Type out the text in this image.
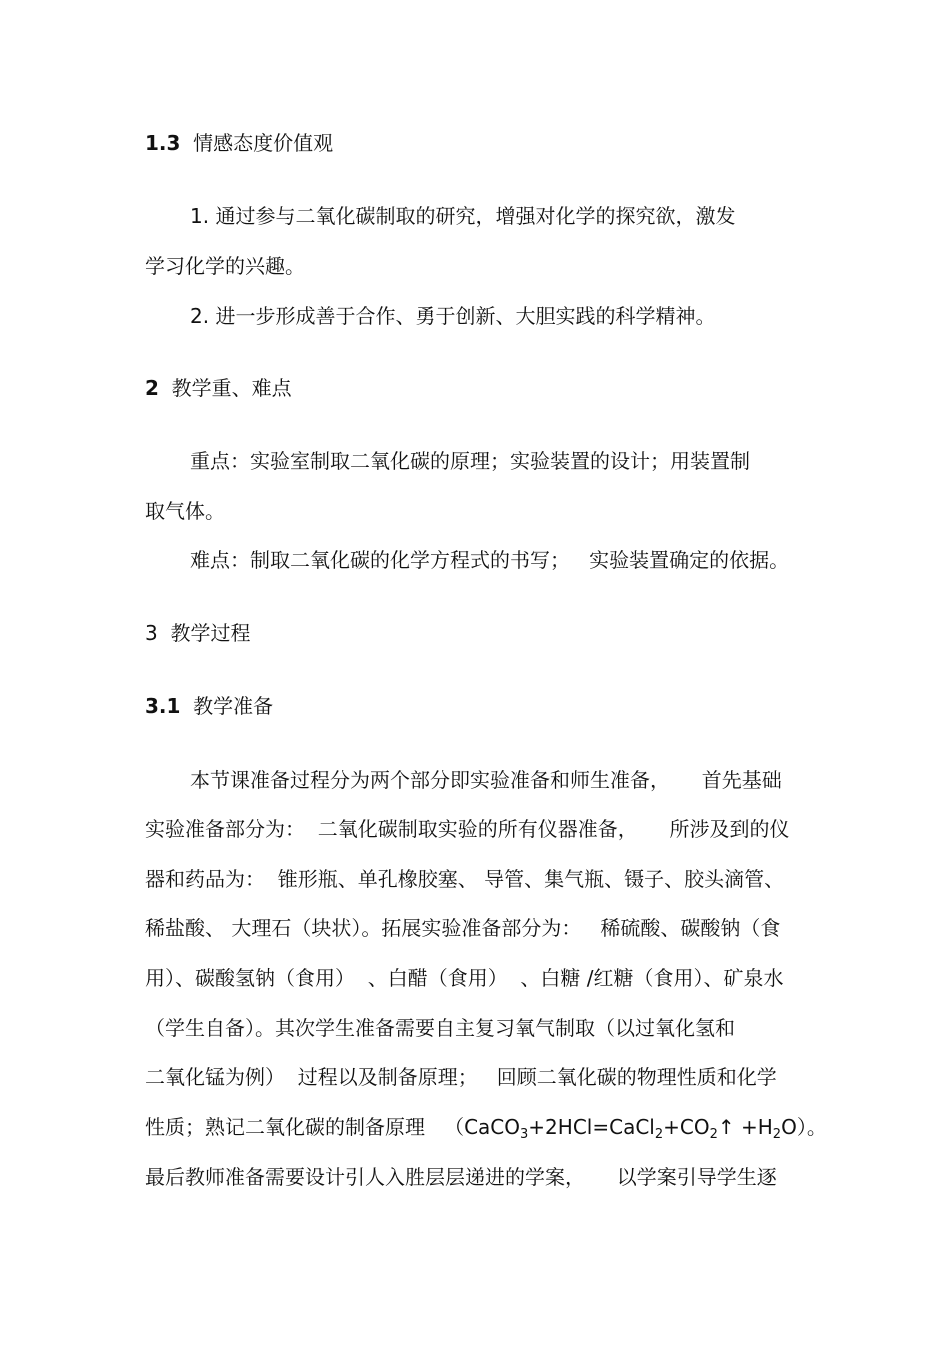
1.3 情感态度价值观

1. 通过参与二氧化碳制取的研究，增强对化学的探究欲，激发

学习化学的兴趣。

2. 进一步形成善于合作、勇于创新、大胆实践的科学精神。

2 教学重、难点

重点：实验室制取二氧化碳的原理；实验装置的设计；用装置制

取气体。

难点：制取二氧化碳的化学方程式的书写；   实验装置确定的依据。

3 教学过程

3.1 教学准备

本节课准备过程分为两个部分即实验准备和师生准备，     首先基础

实验准备部分为：  二氧化碳制取实验的所有仪器准备，     所涉及到的仪

器和药品为：  锥形瓶、单孔橡胶塞、 导管、集气瓶、镊子、胶头滴管、

稀盐酸、 大理石（块状）。拓展实验准备部分为：   稀硫酸、碳酸钠（食

用）、碳酸氢钠（食用）  、白醋（食用）  、白糖 /红糖（食用）、矿泉水

（学生自备）。其次学生准备需要自主复习氧气制取（以过氧化氢和

二氧化锰为例）  过程以及制备原理；   回顾二氧化碳的物理性质和化学

性质；熟记二氧化碳的制备原理   $(CaCO_3+2HCl=CaCl_2+CO_2↑ +H_2O)$。

最后教师准备需要设计引人入胜层层递进的学案，     以学案引导学生逐
